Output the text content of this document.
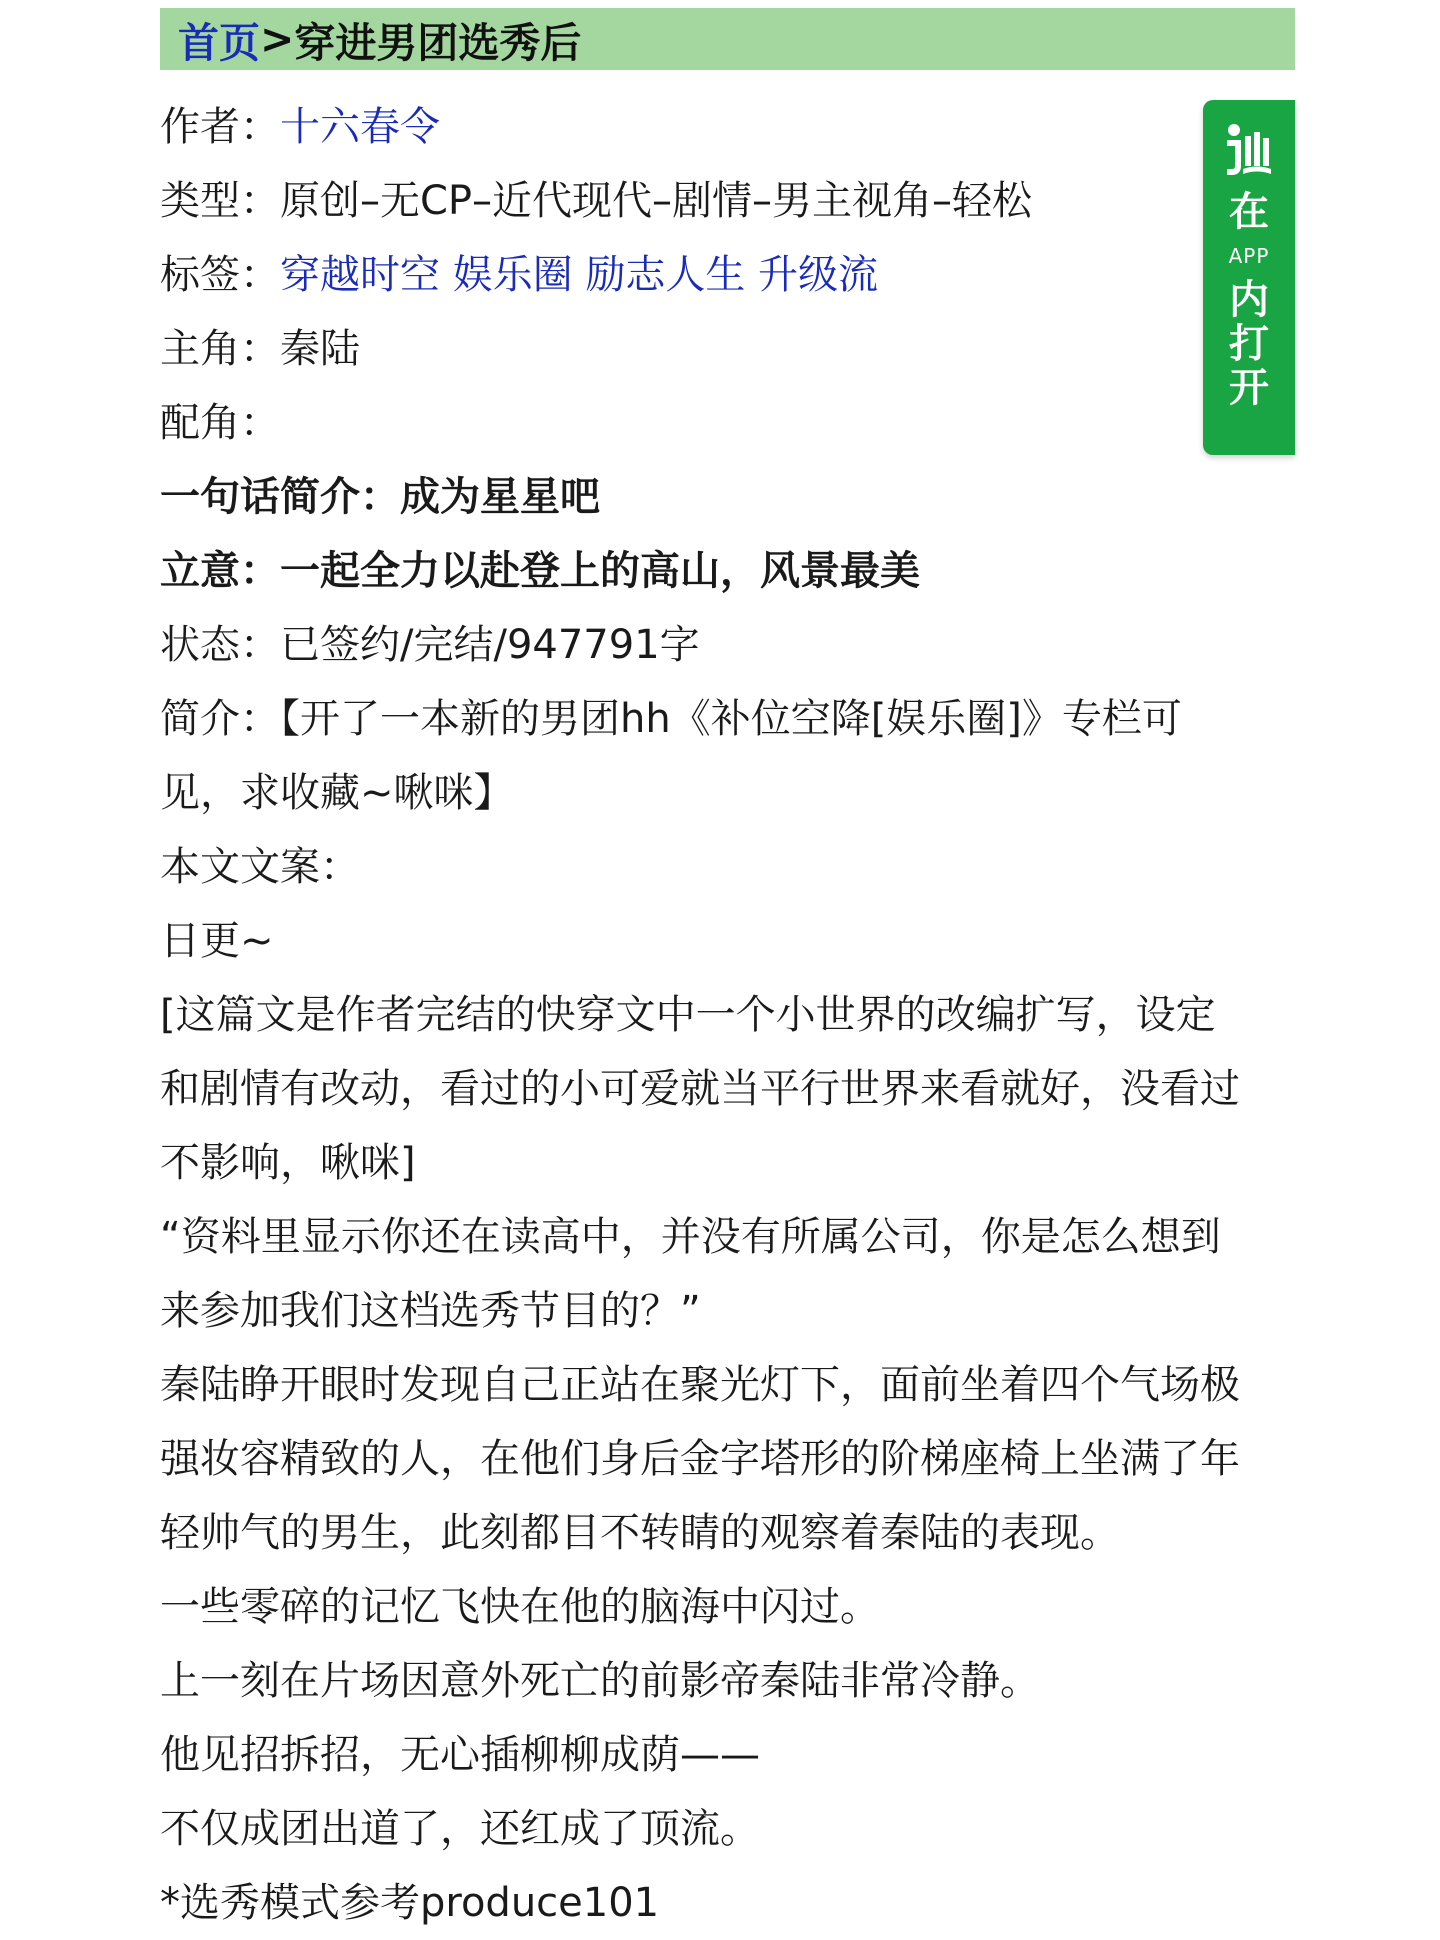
首页 > 穿进男团选秀后
在
APP
内
打
开
作者：十六春令
类型：原创–无CP–近代现代–剧情–男主视角–轻松
标签：穿越时空 娱乐圈 励志人生 升级流
主角：秦陆
配角：
一句话简介：成为星星吧
立意：一起全力以赴登上的高山，风景最美
状态：已签约/完结/947791字
简介：【开了一本新的男团hh《补位空降[娱乐圈]》专栏可
见，求收藏~啾咪】
本文文案：
日更~
[这篇文是作者完结的快穿文中一个小世界的改编扩写，设定
和剧情有改动，看过的小可爱就当平行世界来看就好，没看过
不影响，啾咪]
“资料里显示你还在读高中，并没有所属公司，你是怎么想到
来参加我们这档选秀节目的？”
秦陆睁开眼时发现自己正站在聚光灯下，面前坐着四个气场极
强妆容精致的人，在他们身后金字塔形的阶梯座椅上坐满了年
轻帅气的男生，此刻都目不转睛的观察着秦陆的表现。
一些零碎的记忆飞快在他的脑海中闪过。
上一刻在片场因意外死亡的前影帝秦陆非常冷静。
他见招拆招，无心插柳柳成荫——
不仅成团出道了，还红成了顶流。
*选秀模式参考produce101
